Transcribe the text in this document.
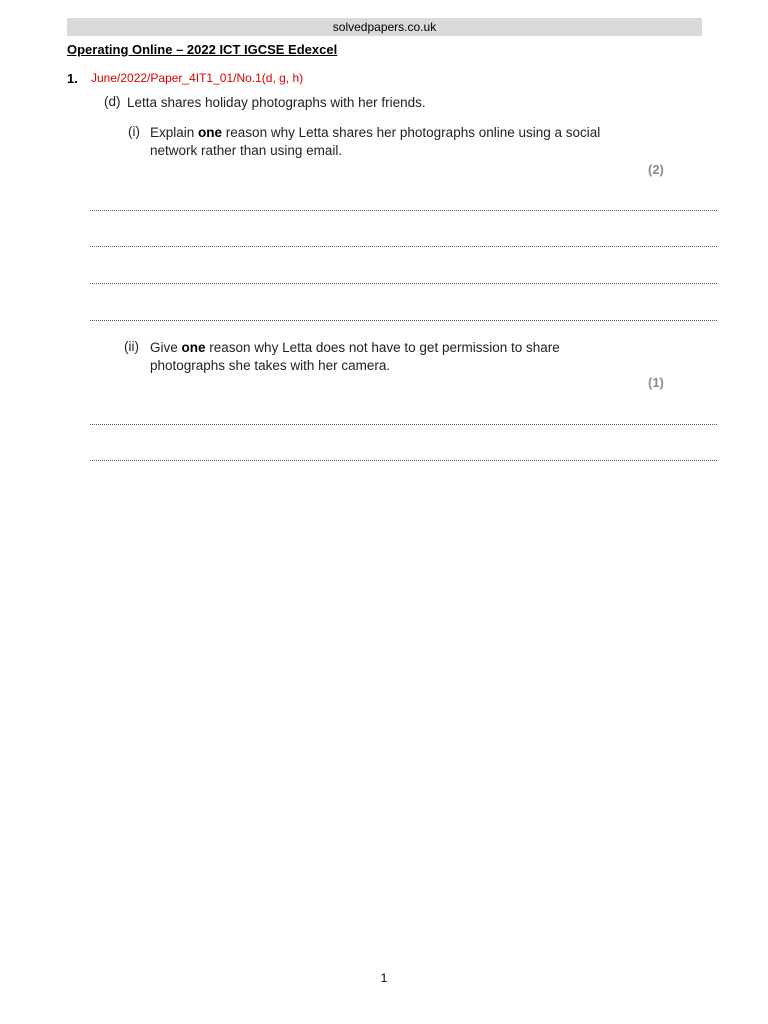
solvedpapers.co.uk
Operating Online – 2022 ICT IGCSE Edexcel
1. June/2022/Paper_4IT1_01/No.1(d, g, h)
(d) Letta shares holiday photographs with her friends.
(i) Explain one reason why Letta shares her photographs online using a social network rather than using email.
(2)
(ii) Give one reason why Letta does not have to get permission to share photographs she takes with her camera.
(1)
1
